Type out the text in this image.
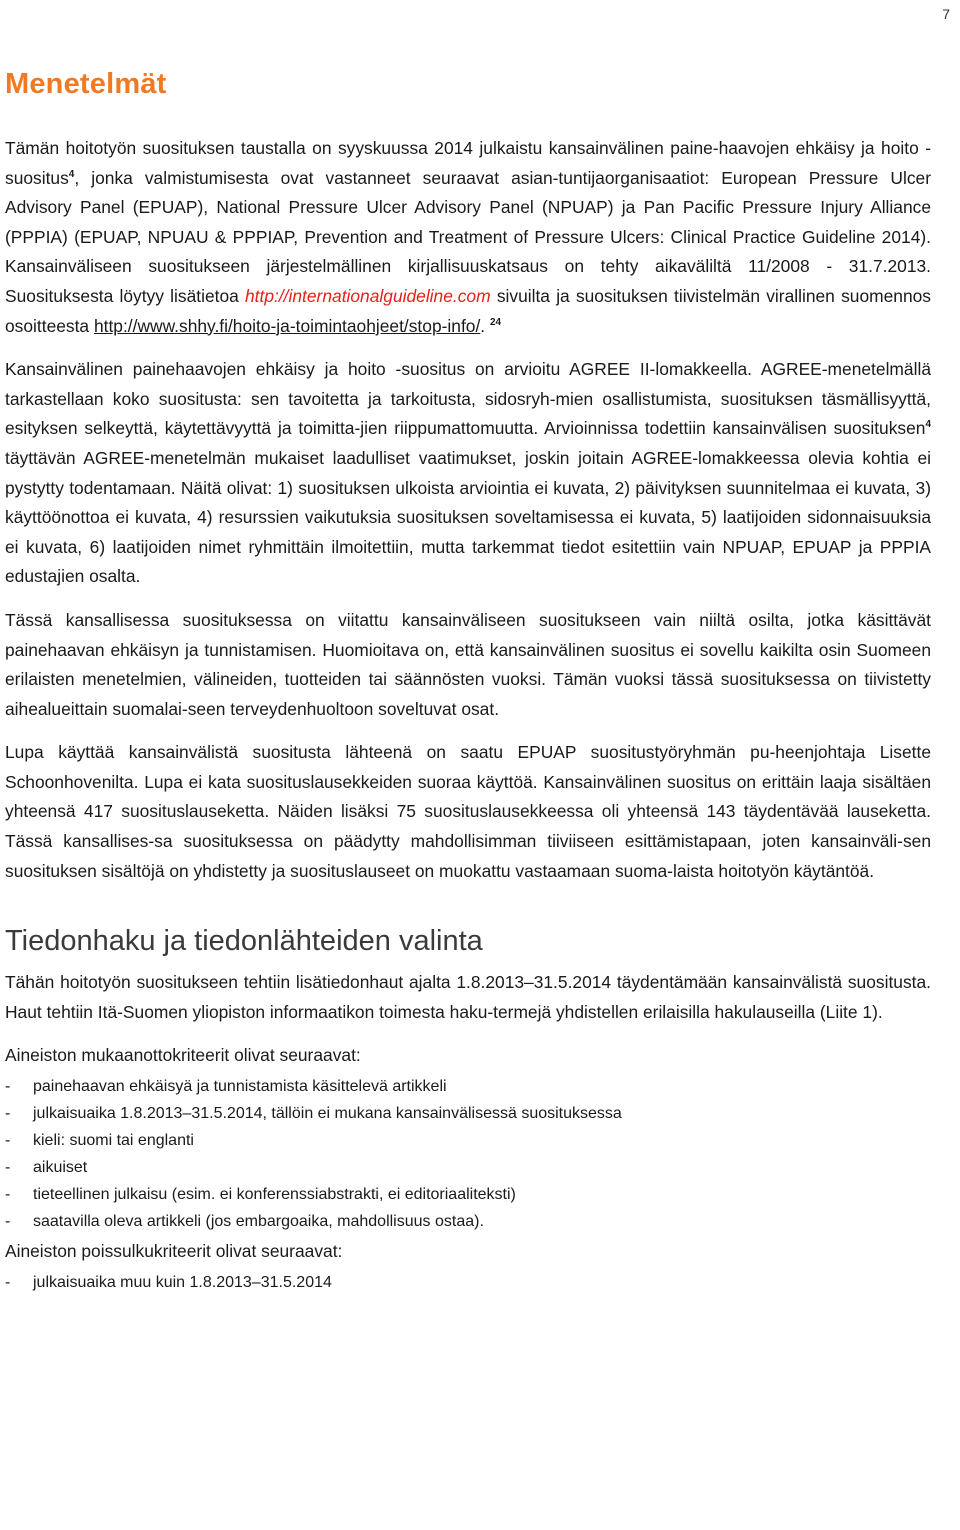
7
Menetelmät

Tämän hoitotyön suosituksen taustalla on syyskuussa 2014 julkaistu kansainvälinen paine-haavojen ehkäisy ja hoito -suositus$^4$, jonka valmistumisesta ovat vastanneet seuraavat asian-tuntijaorganisaatiot: European Pressure Ulcer Advisory Panel (EPUAP), National Pressure Ulcer Advisory Panel (NPUAP) ja Pan Pacific Pressure Injury Alliance (PPPIA) (EPUAP, NPUAU & PPPIAP, Prevention and Treatment of Pressure Ulcers: Clinical Practice Guideline 2014). Kansainväliseen suositukseen järjestelmällinen kirjallisuuskatsaus on tehty aikaväliltä 11/2008 - 31.7.2013. Suosituksesta löytyy lisätietoa http://internationalguideline.com sivuilta ja suosituksen tiivistelmän virallinen suomennos osoitteesta http://www.shhy.fi/hoito-ja-toimintaohjeet/stop-info/. $^{24}$

Kansainvälinen painehaavojen ehkäisy ja hoito -suositus on arvioitu AGREE II-lomakkeella. AGREE-menetelmällä tarkastellaan koko suositusta: sen tavoitetta ja tarkoitusta, sidosryh-mien osallistumista, suosituksen täsmällisyyttä, esityksen selkeyttä, käytettävyyttä ja toimitta-jien riippumattomuutta. Arvioinnissa todettiin kansainvälisen suosituksen$^4$ täyttävän AGREE-menetelmän mukaiset laadulliset vaatimukset, joskin joitain AGREE-lomakkeessa olevia kohtia ei pystytty todentamaan. Näitä olivat: 1) suosituksen ulkoista arviointia ei kuvata, 2) päivityksen suunnitelmaa ei kuvata, 3) käyttöönottoa ei kuvata, 4) resurssien vaikutuksia suosituksen soveltamisessa ei kuvata, 5) laatijoiden sidonnaisuuksia ei kuvata, 6) laatijoiden nimet ryhmittäin ilmoitettiin, mutta tarkemmat tiedot esitettiin vain NPUAP, EPUAP ja PPPIA edustajien osalta.

Tässä kansallisessa suosituksessa on viitattu kansainväliseen suositukseen vain niiltä osilta, jotka käsittävät painehaavan ehkäisyn ja tunnistamisen. Huomioitava on, että kansainvälinen suositus ei sovellu kaikilta osin Suomeen erilaisten menetelmien, välineiden, tuotteiden tai säännösten vuoksi. Tämän vuoksi tässä suosituksessa on tiivistetty aihealueittain suomalai-seen terveydenhuoltoon soveltuvat osat.

Lupa käyttää kansainvälistä suositusta lähteenä on saatu EPUAP suositustyöryhmän pu-heenjohtaja Lisette Schoonhovenilta. Lupa ei kata suosituslausekkeiden suoraa käyttöä. Kansainvälinen suositus on erittäin laaja sisältäen yhteensä 417 suosituslauseketta. Näiden lisäksi 75 suosituslausekkeessa oli yhteensä 143 täydentävää lauseketta. Tässä kansallises-sa suosituksessa on päädytty mahdollisimman tiiviiseen esittämistapaan, joten kansainväli-sen suosituksen sisältöjä on yhdistetty ja suosituslauseet on muokattu vastaamaan suoma-laista hoitotyön käytäntöä.

Tiedonhaku ja tiedonlähteiden valinta

Tähän hoitotyön suositukseen tehtiin lisätiedonhaut ajalta 1.8.2013–31.5.2014 täydentämään kansainvälistä suositusta. Haut tehtiin Itä-Suomen yliopiston informaatikon toimesta haku-termejä yhdistellen erilaisilla hakulauseilla (Liite 1).

Aineiston mukaanottokriteerit olivat seuraavat:

-	painehaavan ehkäisyä ja tunnistamista käsittelevä artikkeli
-	julkaisuaika 1.8.2013–31.5.2014, tällöin ei mukana kansainvälisessä suosituksessa
-	kieli: suomi tai englanti
-	aikuiset
-	tieteellinen julkaisu (esim. ei konferenssiabstrakti, ei editoriaaliteksti)
-	saatavilla oleva artikkeli (jos embargoaika, mahdollisuus ostaa).

Aineiston poissulkukriteerit olivat seuraavat:

-	julkaisuaika muu kuin 1.8.2013–31.5.2014
